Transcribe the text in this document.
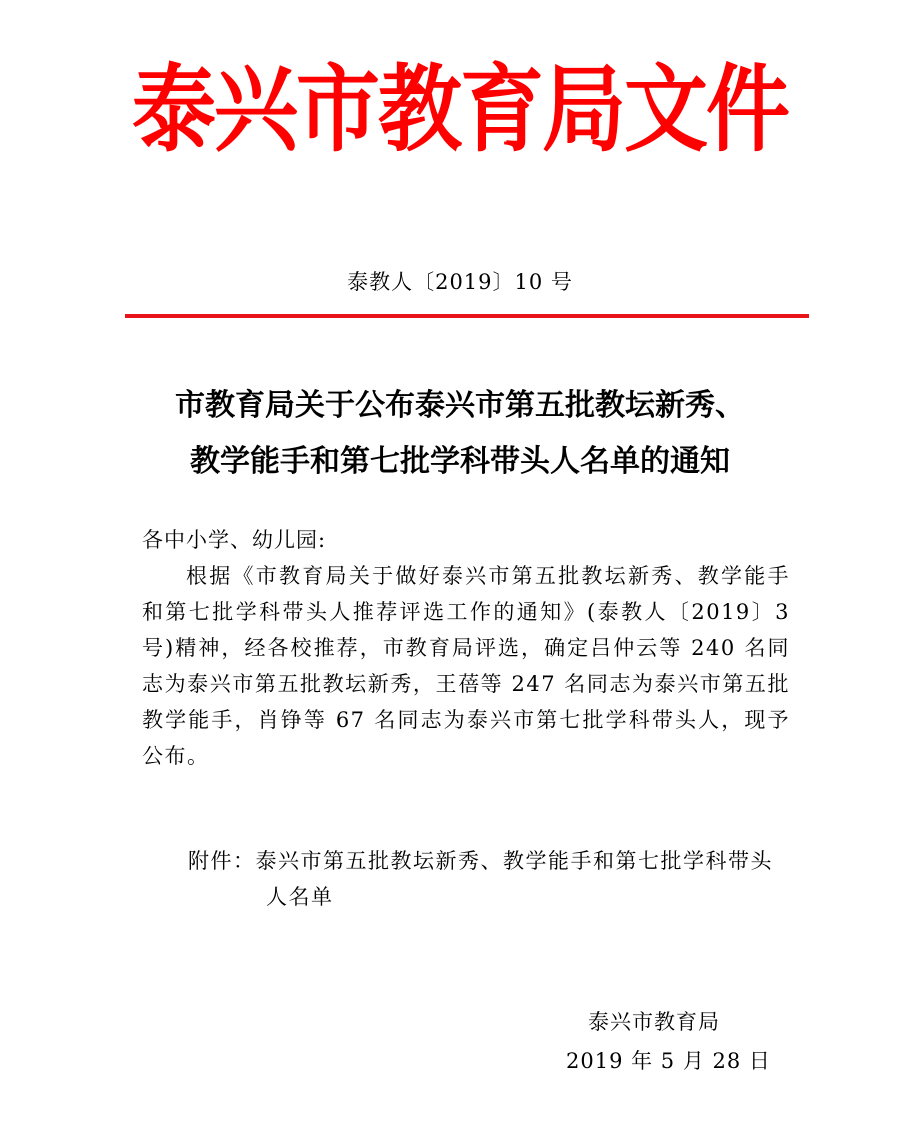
泰兴市教育局文件
泰教人〔2019〕10 号
市教育局关于公布泰兴市第五批教坛新秀、
教学能手和第七批学科带头人名单的通知

各中小学、幼儿园:

根据《市教育局关于做好泰兴市第五批教坛新秀、教学能手和第七批学科带头人推荐评选工作的通知》(泰教人〔2019〕3 号)精神，经各校推荐，市教育局评选，确定吕仲云等 240 名同志为泰兴市第五批教坛新秀，王蓓等 247 名同志为泰兴市第五批教学能手，肖铮等 67 名同志为泰兴市第七批学科带头人，现予公布。

附件：泰兴市第五批教坛新秀、教学能手和第七批学科带头人名单
泰兴市教育局
2019 年 5 月 28 日
